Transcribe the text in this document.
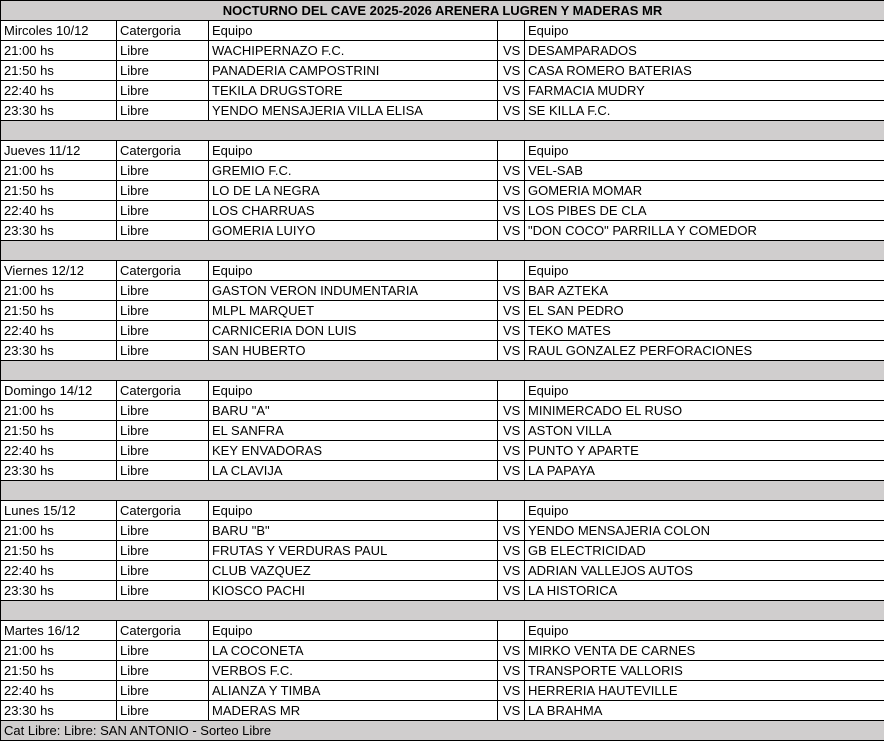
NOCTURNO DEL CAVE 2025-2026 ARENERA LUGREN Y MADERAS MR				
Mircoles 10/12	Catergoria	Equipo		Equipo
21:00 hs	Libre	WACHIPERNAZO F.C.	VS	DESAMPARADOS
21:50 hs	Libre	PANADERIA CAMPOSTRINI	VS	CASA ROMERO BATERIAS
22:40 hs	Libre	TEKILA DRUGSTORE	VS	FARMACIA MUDRY
23:30 hs	Libre	YENDO MENSAJERIA VILLA ELISA	VS	SE KILLA F.C.

Jueves 11/12	Catergoria	Equipo		Equipo
21:00 hs	Libre	GREMIO F.C.	VS	VEL-SAB
21:50 hs	Libre	LO DE LA NEGRA	VS	GOMERIA MOMAR
22:40 hs	Libre	LOS CHARRUAS	VS	LOS PIBES DE CLA
23:30 hs	Libre	GOMERIA LUIYO	VS	"DON COCO" PARRILLA Y COMEDOR

Viernes 12/12	Catergoria	Equipo		Equipo
21:00 hs	Libre	GASTON VERON INDUMENTARIA	VS	BAR AZTEKA
21:50 hs	Libre	MLPL MARQUET	VS	EL SAN PEDRO
22:40 hs	Libre	CARNICERIA DON LUIS	VS	TEKO MATES
23:30 hs	Libre	SAN HUBERTO	VS	RAUL GONZALEZ PERFORACIONES

Domingo 14/12	Catergoria	Equipo		Equipo
21:00 hs	Libre	BARU "A"	VS	MINIMERCADO EL RUSO
21:50 hs	Libre	EL SANFRA	VS	ASTON VILLA
22:40 hs	Libre	KEY ENVADORAS	VS	PUNTO Y APARTE
23:30 hs	Libre	LA CLAVIJA	VS	LA PAPAYA

Lunes 15/12	Catergoria	Equipo		Equipo
21:00 hs	Libre	BARU "B"	VS	YENDO MENSAJERIA COLON
21:50 hs	Libre	FRUTAS Y VERDURAS PAUL	VS	GB ELECTRICIDAD
22:40 hs	Libre	CLUB VAZQUEZ	VS	ADRIAN VALLEJOS AUTOS
23:30 hs	Libre	KIOSCO PACHI	VS	LA HISTORICA

Martes 16/12	Catergoria	Equipo		Equipo
21:00 hs	Libre	LA COCONETA	VS	MIRKO VENTA DE CARNES
21:50 hs	Libre	VERBOS F.C.	VS	TRANSPORTE VALLORIS
22:40 hs	Libre	ALIANZA Y TIMBA	VS	HERRERIA HAUTEVILLE
23:30 hs	Libre	MADERAS MR	VS	LA BRAHMA
Cat Libre: Libre: SAN ANTONIO - Sorteo Libre				
